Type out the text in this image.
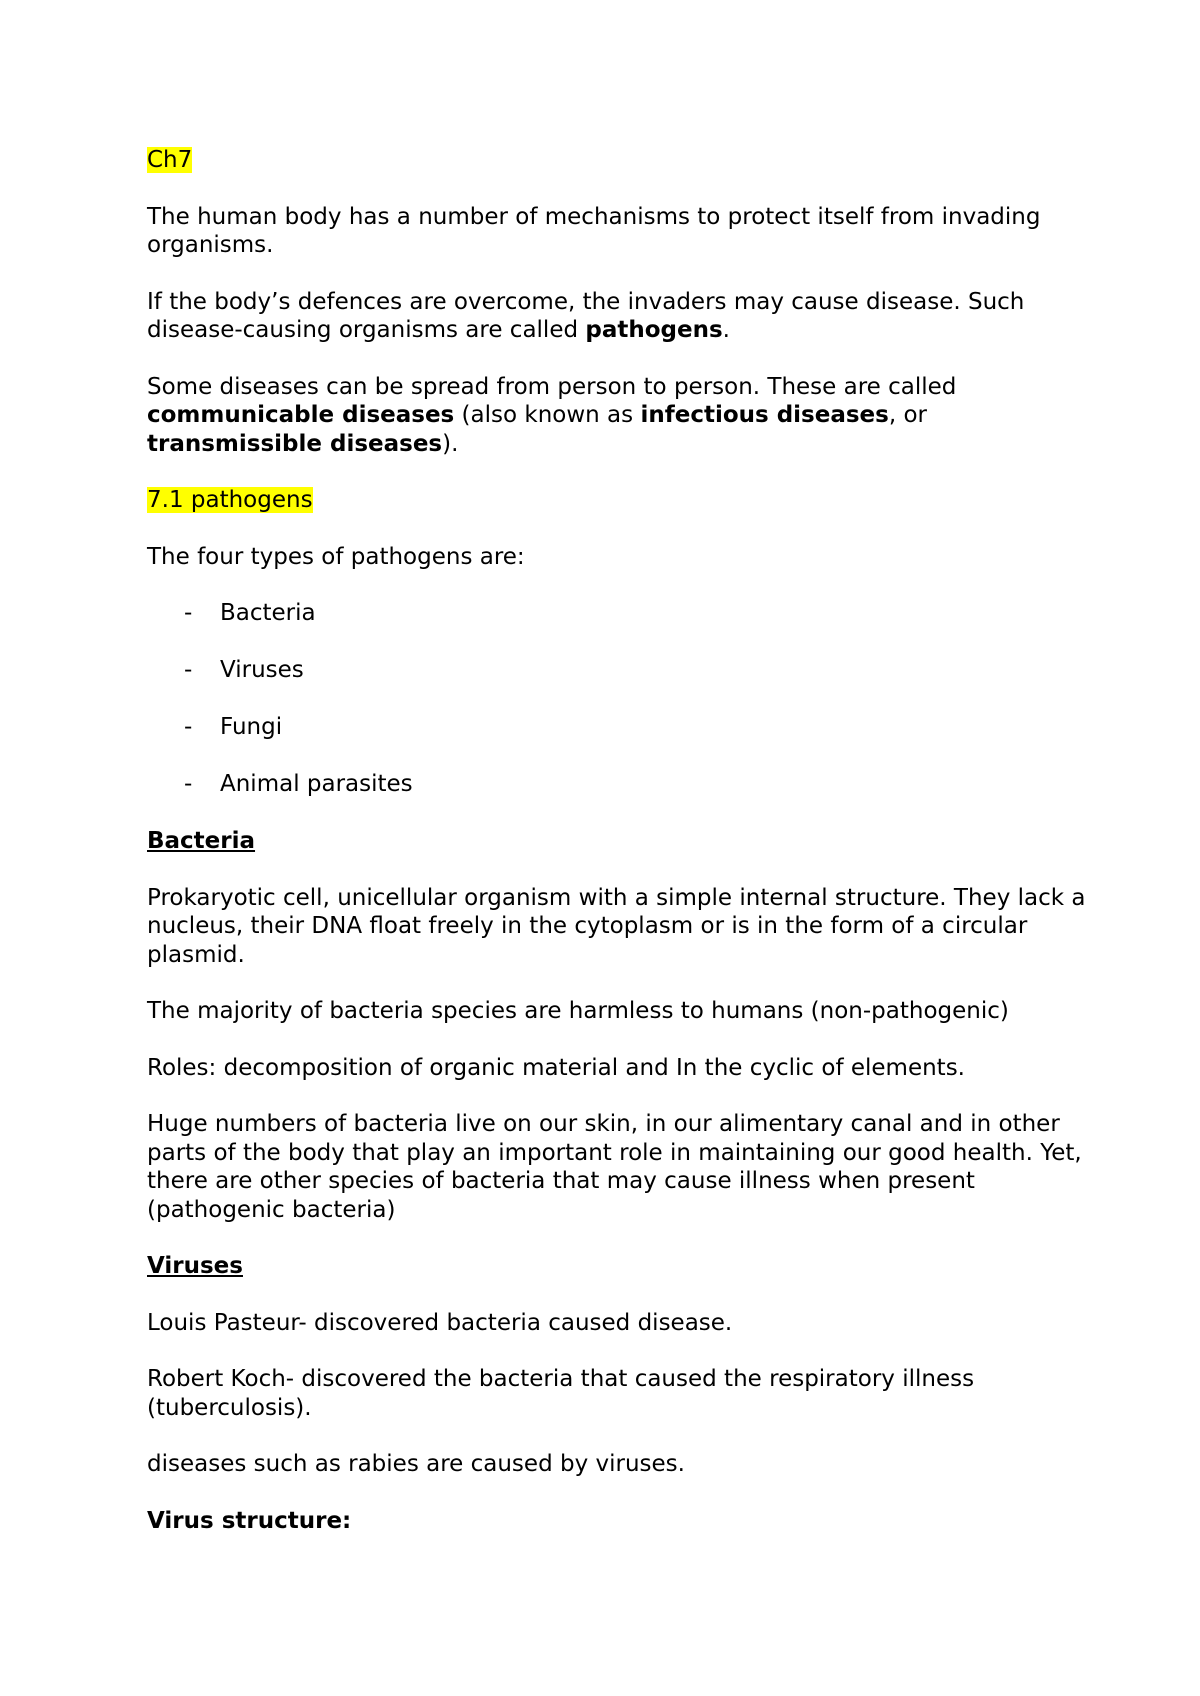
Ch7

The human body has a number of mechanisms to protect itself from invading organisms.

If the body’s defences are overcome, the invaders may cause disease. Such disease-causing organisms are called pathogens.

Some diseases can be spread from person to person. These are called communicable diseases (also known as infectious diseases, or transmissible diseases).

7.1 pathogens

The four types of pathogens are:

- Bacteria
- Viruses
- Fungi
- Animal parasites

Bacteria

Prokaryotic cell, unicellular organism with a simple internal structure. They lack a nucleus, their DNA float freely in the cytoplasm or is in the form of a circular plasmid.

The majority of bacteria species are harmless to humans (non-pathogenic)

Roles: decomposition of organic material and In the cyclic of elements.

Huge numbers of bacteria live on our skin, in our alimentary canal and in other parts of the body that play an important role in maintaining our good health. Yet, there are other species of bacteria that may cause illness when present (pathogenic bacteria)

Viruses

Louis Pasteur- discovered bacteria caused disease.

Robert Koch- discovered the bacteria that caused the respiratory illness (tuberculosis).

diseases such as rabies are caused by viruses.

Virus structure:
